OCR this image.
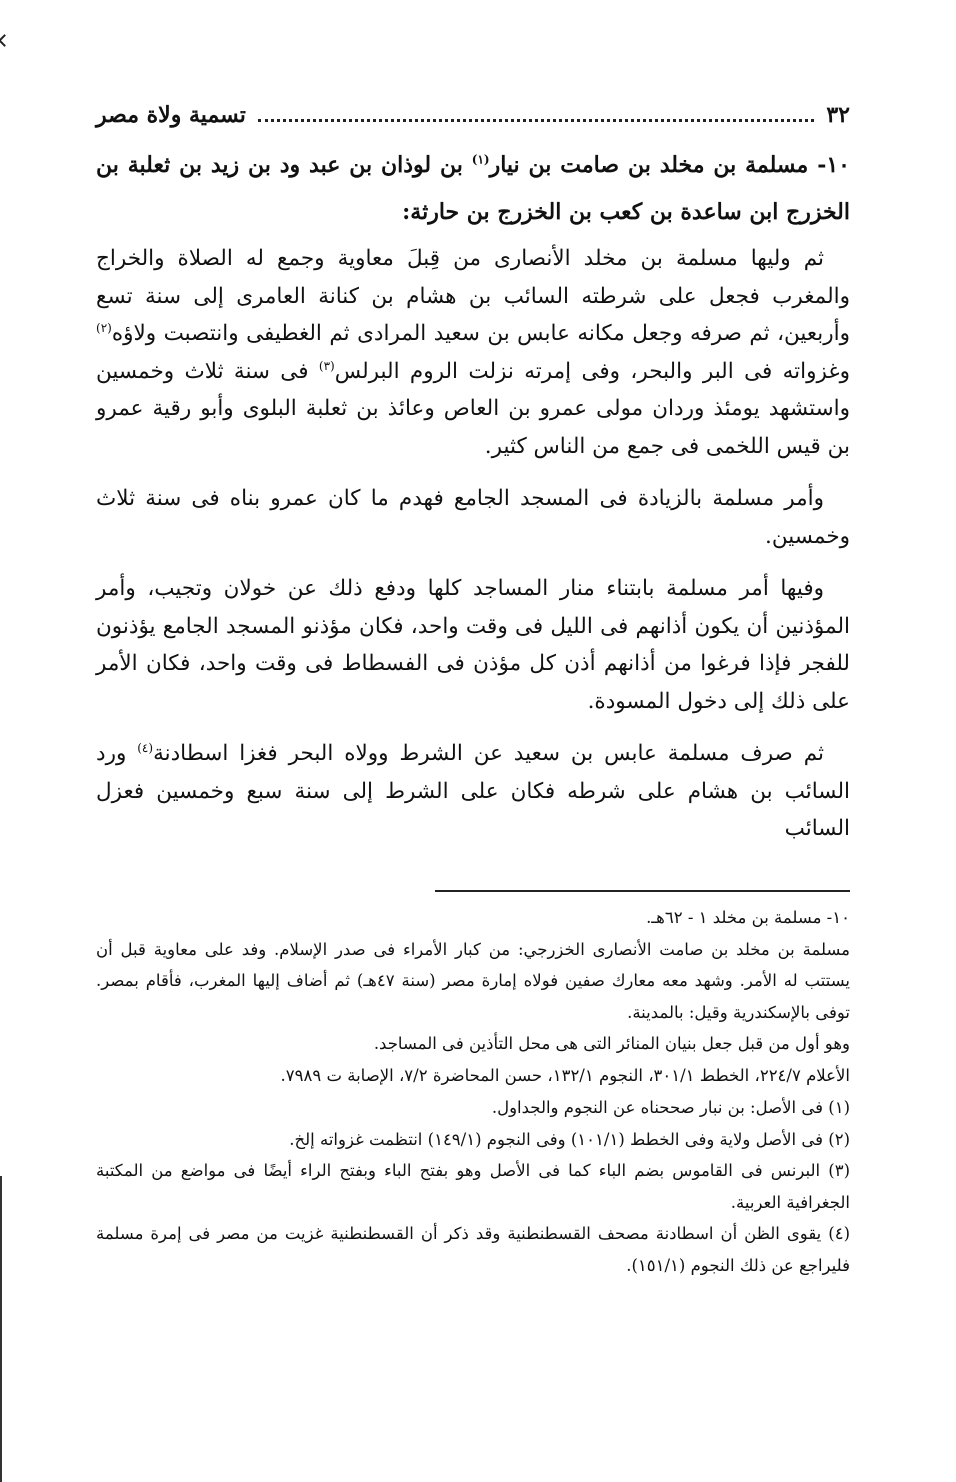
٣٢
تسمية ولاة مصر
١٠- مسلمة بن مخلد بن صامت بن نيار$^{(١)}$ بن لوذان بن عبد ود بن زيد بن ثعلبة بن الخزرج ابن ساعدة بن كعب بن الخزرج بن حارثة:

ثم وليها مسلمة بن مخلد الأنصارى من قِبلَ معاوية وجمع له الصلاة والخراج والمغرب فجعل على شرطته السائب بن هشام بن كنانة العامرى إلى سنة تسع وأربعين، ثم صرفه وجعل مكانه عابس بن سعيد المرادى ثم الغطيفى وانتصبت ولاؤه$^{(٢)}$ وغزواته فى البر والبحر، وفى إمرته نزلت الروم البرلس$^{(٣)}$ فى سنة ثلاث وخمسين واستشهد يومئذ وردان مولى عمرو بن العاص وعائذ بن ثعلبة البلوى وأبو رقية عمرو بن قيس اللخمى فى جمع من الناس كثير.

وأمر مسلمة بالزيادة فى المسجد الجامع فهدم ما كان عمرو بناه فى سنة ثلاث وخمسين.

وفيها أمر مسلمة بابتناء منار المساجد كلها ودفع ذلك عن خولان وتجيب، وأمر المؤذنين أن يكون أذانهم فى الليل فى وقت واحد، فكان مؤذنو المسجد الجامع يؤذنون للفجر فإذا فرغوا من أذانهم أذن كل مؤذن فى الفسطاط فى وقت واحد، فكان الأمر على ذلك إلى دخول المسودة.

ثم صرف مسلمة عابس بن سعيد عن الشرط وولاه البحر فغزا اسطادنة$^{(٤)}$ ورد السائب بن هشام على شرطه فكان على الشرط إلى سنة سبع وخمسين فعزل السائب

١٠- مسلمة بن مخلد ١ - ٦٢هـ.

مسلمة بن مخلد بن صامت الأنصارى الخزرجي: من كبار الأمراء فى صدر الإسلام. وفد على معاوية قبل أن يستتب له الأمر. وشهد معه معارك صفين فولاه إمارة مصر (سنة ٤٧هـ) ثم أضاف إليها المغرب، فأقام بمصر. توفى بالإسكندرية وقيل: بالمدينة.

وهو أول من قبل جعل بنيان المنائر التى هى محل التأذين فى المساجد.

الأعلام ٢٢٤/٧، الخطط ٣٠١/١، النجوم ١٣٢/١، حسن المحاضرة ٧/٢، الإصابة ت ٧٩٨٩.

(١) فى الأصل: بن نبار صححناه عن النجوم والجداول.

(٢) فى الأصل ولاية وفى الخطط (١٠١/١) وفى النجوم (١٤٩/١) انتظمت غزواته إلخ.

(٣) البرنس فى القاموس بضم الباء كما فى الأصل وهو بفتح الباء وبفتح الراء أيضًا فى مواضع من المكتبة الجغرافية العربية.

(٤) يقوى الظن أن اسطادنة مصحف القسطنطنية وقد ذكر أن القسطنطنية غزيت من مصر فى إمرة مسلمة فليراجع عن ذلك النجوم (١٥١/١).
